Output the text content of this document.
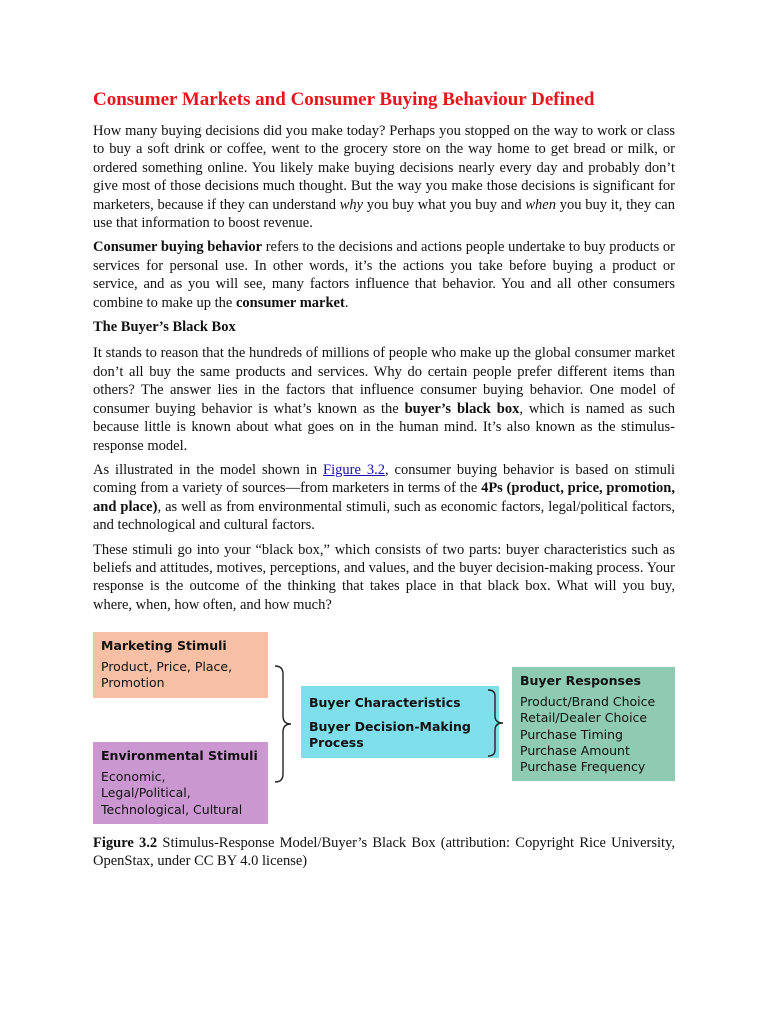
Consumer Markets and Consumer Buying Behaviour Defined

How many buying decisions did you make today? Perhaps you stopped on the way to work or class to buy a soft drink or coffee, went to the grocery store on the way home to get bread or milk, or ordered something online. You likely make buying decisions nearly every day and probably don’t give most of those decisions much thought. But the way you make those decisions is significant for marketers, because if they can understand why you buy what you buy and when you buy it, they can use that information to boost revenue.

Consumer buying behavior refers to the decisions and actions people undertake to buy products or services for personal use. In other words, it’s the actions you take before buying a product or service, and as you will see, many factors influence that behavior. You and all other consumers combine to make up the consumer market.

The Buyer’s Black Box

It stands to reason that the hundreds of millions of people who make up the global consumer market don’t all buy the same products and services. Why do certain people prefer different items than others? The answer lies in the factors that influence consumer buying behavior. One model of consumer buying behavior is what’s known as the buyer’s black box, which is named as such because little is known about what goes on in the human mind. It’s also known as the stimulus-response model.

As illustrated in the model shown in Figure 3.2, consumer buying behavior is based on stimuli coming from a variety of sources—from marketers in terms of the 4Ps (product, price, promotion, and place), as well as from environmental stimuli, such as economic factors, legal/political factors, and technological and cultural factors.

These stimuli go into your “black box,” which consists of two parts: buyer characteristics such as beliefs and attitudes, motives, perceptions, and values, and the buyer decision-making process. Your response is the outcome of the thinking that takes place in that black box. What will you buy, where, when, how often, and how much?

Marketing Stimuli
Product, Price, Place,
Promotion
Environmental Stimuli
Economic,
Legal/Political,
Technological, Cultural
Buyer Characteristics
Buyer Decision-Making
Process
Buyer Responses
Product/Brand Choice
Retail/Dealer Choice
Purchase Timing
Purchase Amount
Purchase Frequency
Figure 3.2 Stimulus-Response Model/Buyer’s Black Box (attribution: Copyright Rice University, OpenStax, under CC BY 4.0 license)
